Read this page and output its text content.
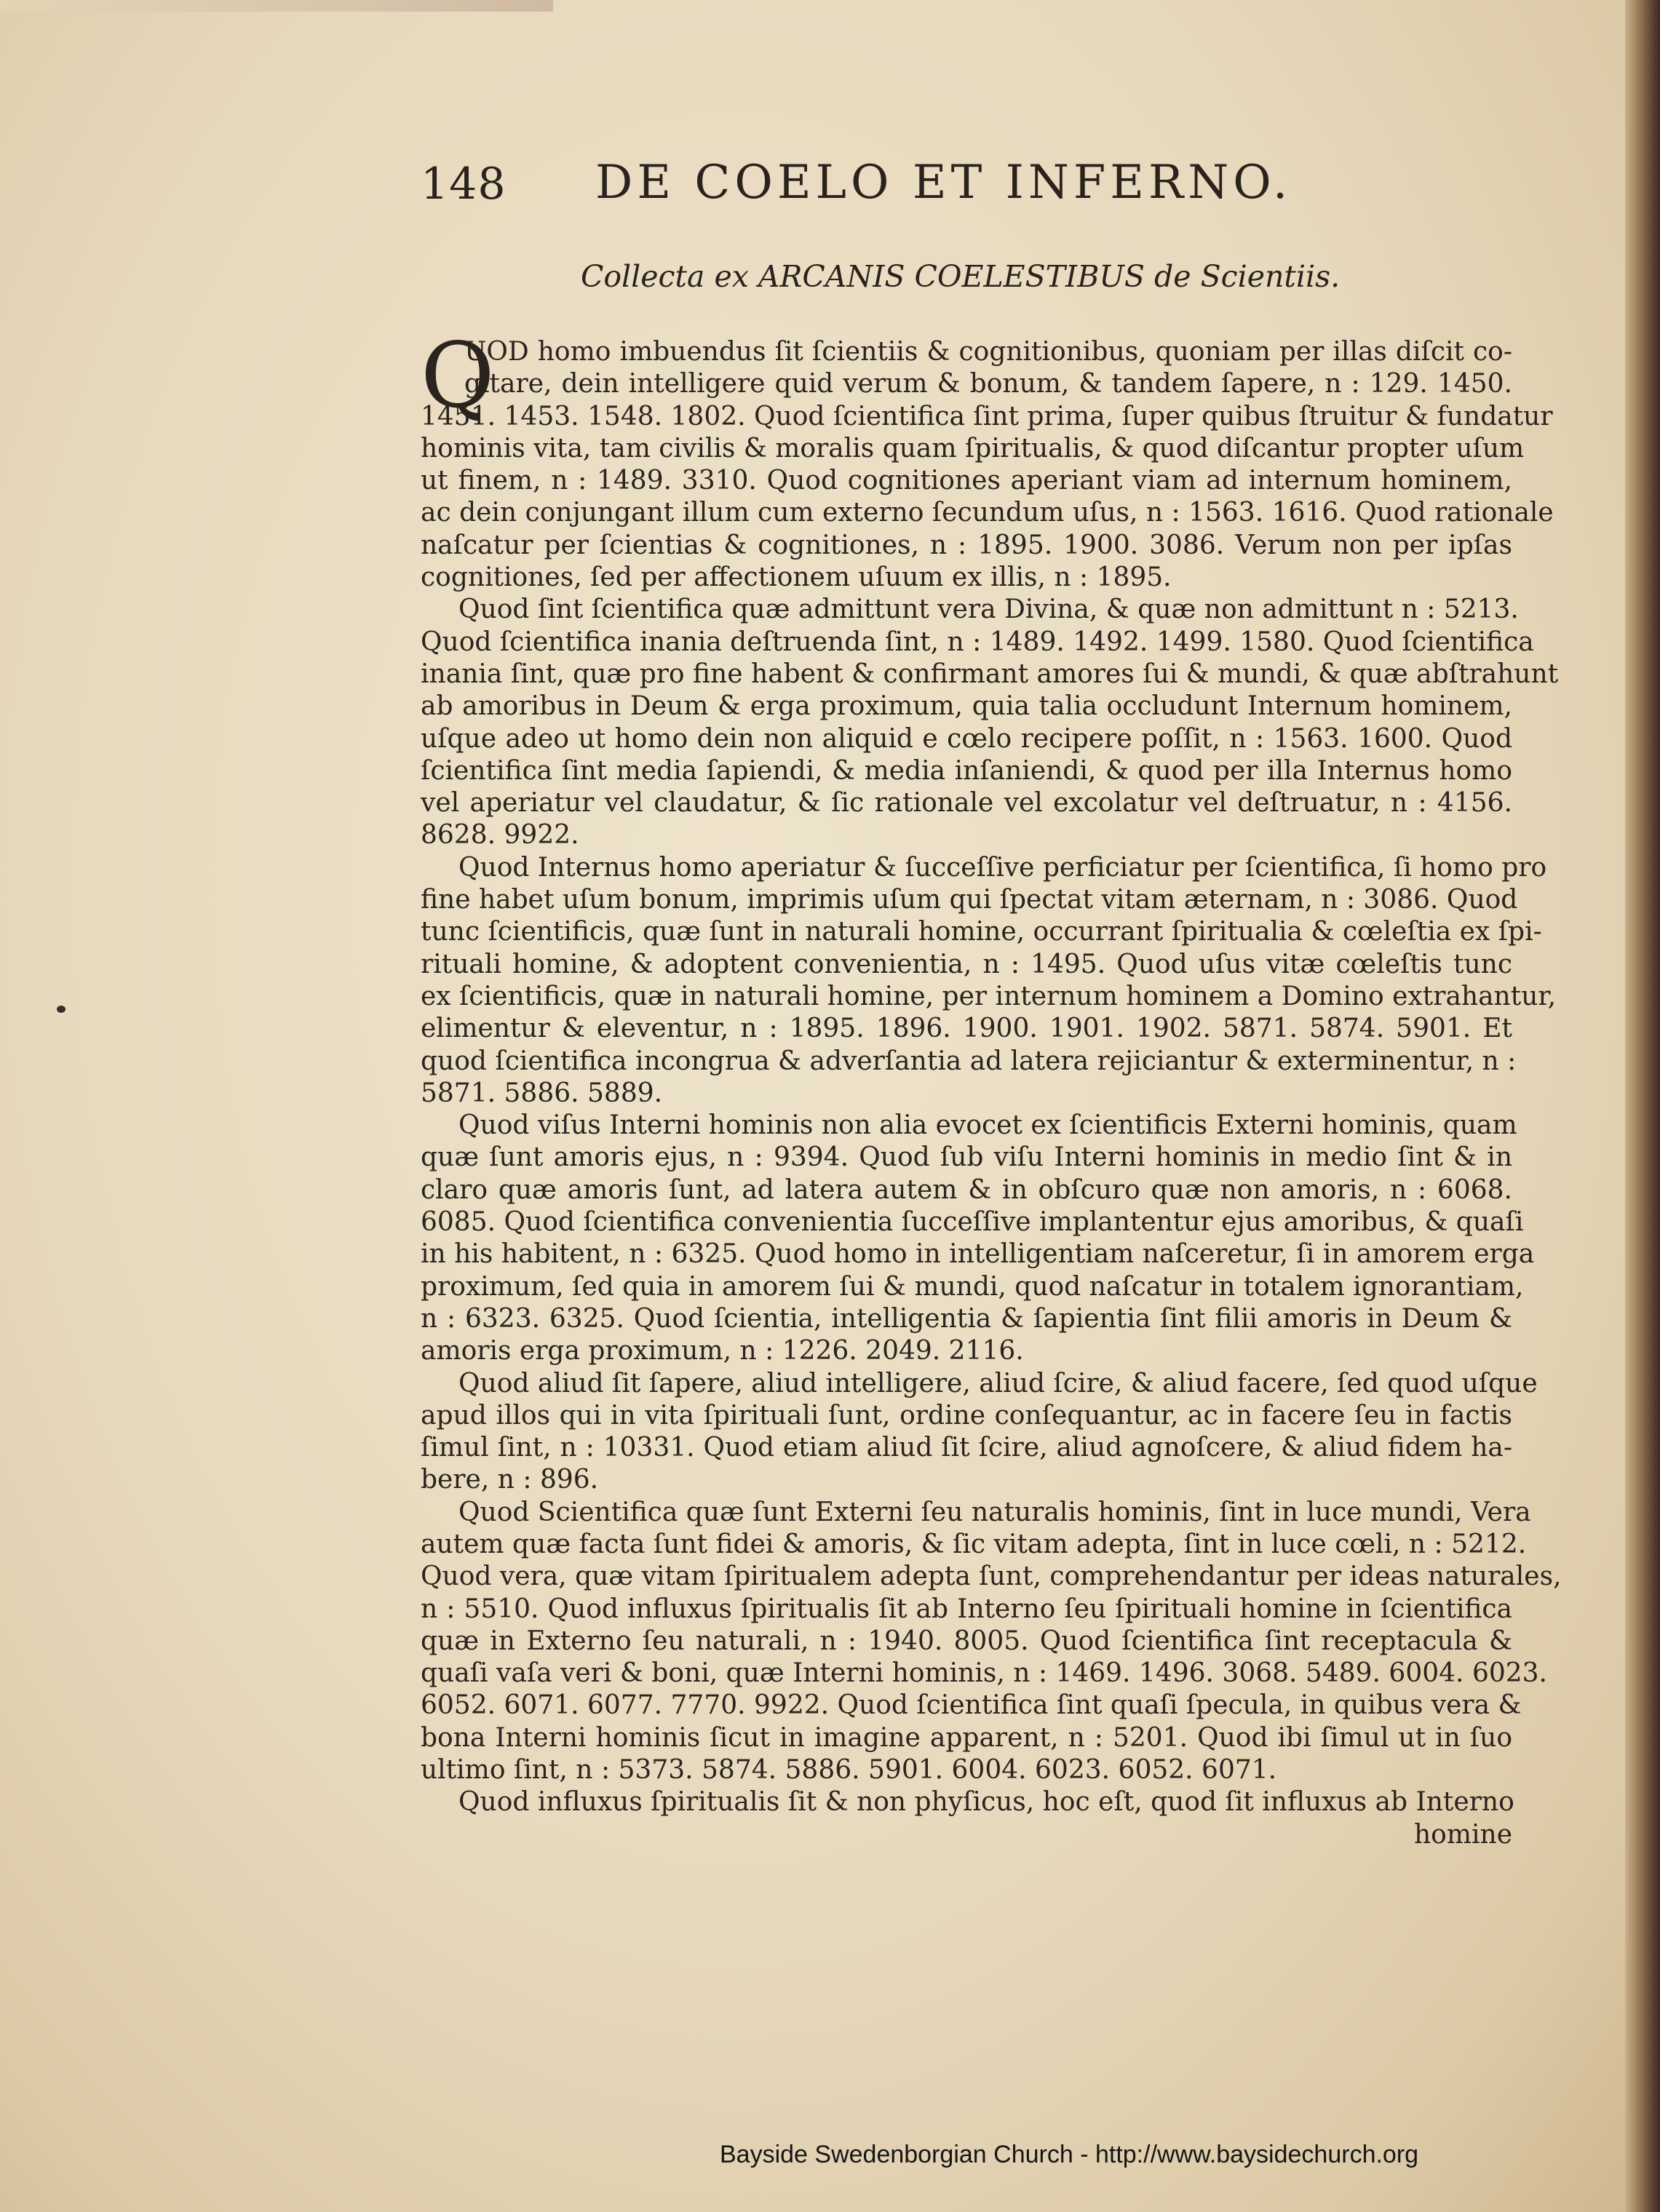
148 DE COELO ET INFERNO.
Collecta ex ARCANIS COELESTIBUS de Scientiis.
Q
UOD homo imbuendus ſit ſcientiis & cognitionibus, quoniam per illas diſcit co-
gitare, dein intelligere quid verum & bonum, & tandem ſapere, n : 129. 1450.
1451. 1453. 1548. 1802. Quod ſcientifica ſint prima, ſuper quibus ſtruitur & fundatur
hominis vita, tam civilis & moralis quam ſpiritualis, & quod diſcantur propter uſum
ut finem, n : 1489. 3310. Quod cognitiones aperiant viam ad internum hominem,
ac dein conjungant illum cum externo ſecundum uſus, n : 1563. 1616. Quod rationale
naſcatur per ſcientias & cognitiones, n : 1895. 1900. 3086. Verum non per ipſas
cognitiones, ſed per affectionem uſuum ex illis, n : 1895.
Quod ſint ſcientifica quæ admittunt vera Divina, & quæ non admittunt n : 5213.
Quod ſcientifica inania deſtruenda ſint, n : 1489. 1492. 1499. 1580. Quod ſcientifica
inania ſint, quæ pro fine habent & confirmant amores ſui & mundi, & quæ abſtrahunt
ab amoribus in Deum & erga proximum, quia talia occludunt Internum hominem,
uſque adeo ut homo dein non aliquid e cœlo recipere poſſit, n : 1563. 1600. Quod
ſcientifica ſint media ſapiendi, & media inſaniendi, & quod per illa Internus homo
vel aperiatur vel claudatur, & ſic rationale vel excolatur vel deſtruatur, n : 4156.
8628. 9922.
Quod Internus homo aperiatur & ſucceſſive perficiatur per ſcientifica, ſi homo pro
fine habet uſum bonum, imprimis uſum qui ſpectat vitam æternam, n : 3086. Quod
tunc ſcientificis, quæ ſunt in naturali homine, occurrant ſpiritualia & cœleſtia ex ſpi-
rituali homine, & adoptent convenientia, n : 1495. Quod uſus vitæ cœleſtis tunc
ex ſcientificis, quæ in naturali homine, per internum hominem a Domino extrahantur,
elimentur & eleventur, n : 1895. 1896. 1900. 1901. 1902. 5871. 5874. 5901. Et
quod ſcientifica incongrua & adverſantia ad latera rejiciantur & exterminentur, n :
5871. 5886. 5889.
Quod viſus Interni hominis non alia evocet ex ſcientificis Externi hominis, quam
quæ ſunt amoris ejus, n : 9394. Quod ſub viſu Interni hominis in medio ſint & in
claro quæ amoris ſunt, ad latera autem & in obſcuro quæ non amoris, n : 6068.
6085. Quod ſcientifica convenientia ſucceſſive implantentur ejus amoribus, & quaſi
in his habitent, n : 6325. Quod homo in intelligentiam naſceretur, ſi in amorem erga
proximum, ſed quia in amorem ſui & mundi, quod naſcatur in totalem ignorantiam,
n : 6323. 6325. Quod ſcientia, intelligentia & ſapientia ſint filii amoris in Deum &
amoris erga proximum, n : 1226. 2049. 2116.
Quod aliud ſit ſapere, aliud intelligere, aliud ſcire, & aliud facere, ſed quod uſque
apud illos qui in vita ſpirituali ſunt, ordine conſequantur, ac in facere ſeu in factis
ſimul ſint, n : 10331. Quod etiam aliud ſit ſcire, aliud agnoſcere, & aliud fidem ha-
bere, n : 896.
Quod Scientifica quæ ſunt Externi ſeu naturalis hominis, ſint in luce mundi, Vera
autem quæ facta ſunt fidei & amoris, & ſic vitam adepta, ſint in luce cœli, n : 5212.
Quod vera, quæ vitam ſpiritualem adepta ſunt, comprehendantur per ideas naturales,
n : 5510. Quod influxus ſpiritualis ſit ab Interno ſeu ſpirituali homine in ſcientifica
quæ in Externo ſeu naturali, n : 1940. 8005. Quod ſcientifica ſint receptacula &
quaſi vaſa veri & boni, quæ Interni hominis, n : 1469. 1496. 3068. 5489. 6004. 6023.
6052. 6071. 6077. 7770. 9922. Quod ſcientifica ſint quaſi ſpecula, in quibus vera &
bona Interni hominis ſicut in imagine apparent, n : 5201. Quod ibi ſimul ut in ſuo
ultimo ſint, n : 5373. 5874. 5886. 5901. 6004. 6023. 6052. 6071.
Quod influxus ſpiritualis ſit & non phyſicus, hoc eſt, quod ſit influxus ab Interno
homine
Bayside Swedenborgian Church - http://www.baysidechurch.org
